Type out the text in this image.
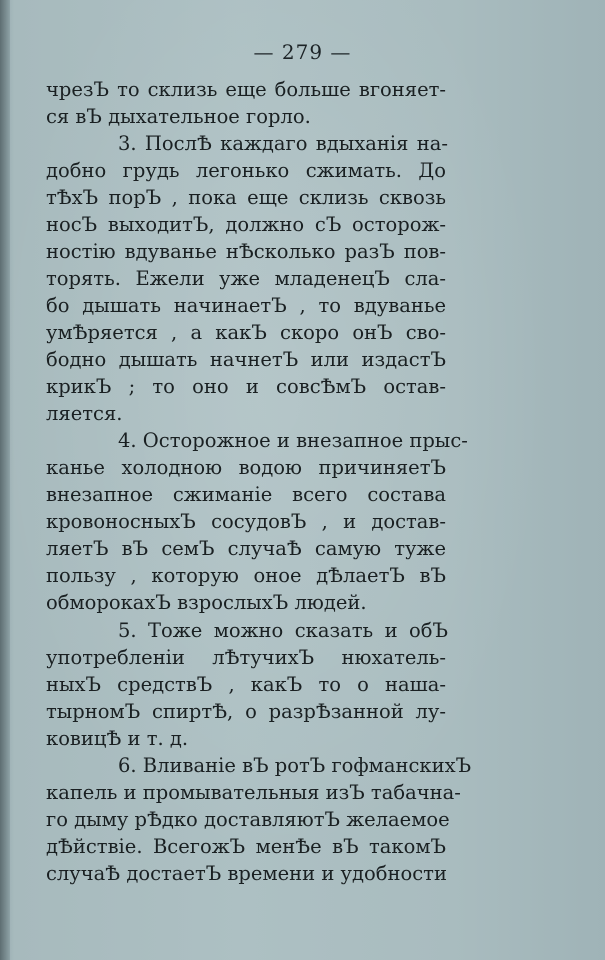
— 279 —
чрезЪ то склизь еще больше вгоняет-
ся вЪ дыхательное горло.
3. ПослѢ каждаго вдыханія на-
добно грудь легонько сжимать. До
тѢхЪ порЪ , пока еще склизь сквозь
носЪ выходитЪ, должно сЪ осторож-
ностію вдуванье нѢсколько разЪ пов-
торять. Ежели уже младенецЪ сла-
бо дышать начинаетЪ , то вдуванье
умѢряется , а какЪ скоро онЪ сво-
бодно дышать начнетЪ или издастЪ
крикЪ ; то оно и совсѢмЪ остав-
ляется.
4. Осторожное и внезапное прыс-
канье холодною водою причиняетЪ
внезапное сжиманіе всего состава
кровоносныхЪ сосудовЪ , и достав-
ляетЪ вЪ семЪ случаѢ самую туже
пользу , которую оное дѢлаетЪ вЪ
обморокахЪ взрослыхЪ людей.
5. Тоже можно сказать и обЪ
употребленіи лѢтучихЪ нюхатель-
ныхЪ средствЪ , какЪ то о наша-
тырномЪ спиртѢ, о разрѢзанной лу-
ковицѢ и т. д.
6. Вливаніе вЪ ротЪ гофманскихЪ
капель и промывательныя изЪ табачна-
го дыму рѢдко доставляютЪ желаемое
дѢйствіе. ВсегожЪ менѢе вЪ такомЪ
случаѢ достаетЪ времени и удобности
